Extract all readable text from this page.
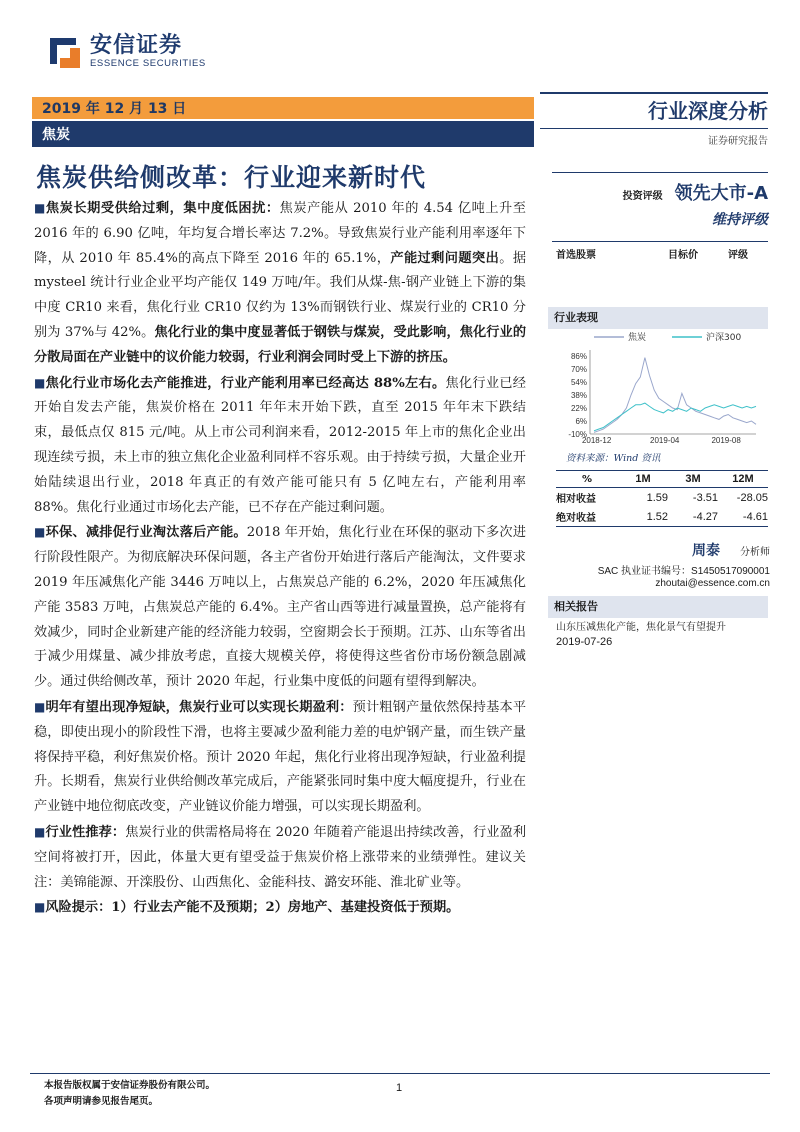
安信证券
ESSENCE SECURITIES
2019 年 12 月 13 日
焦炭
行业深度分析
证券研究报告
焦炭供给侧改革：行业迎来新时代

■焦炭长期受供给过剩，集中度低困扰：焦炭产能从 2010 年的 4.54 亿吨上升至 2016 年的 6.90 亿吨，年均复合增长率达 7.2%。导致焦炭行业产能利用率逐年下降，从 2010 年 85.4%的高点下降至 2016 年的 65.1%，产能过剩问题突出。据 mysteel 统计行业企业平均产能仅 149 万吨/年。我们从煤-焦-钢产业链上下游的集中度 CR10 来看，焦化行业 CR10 仅约为 13%而钢铁行业、煤炭行业的 CR10 分别为 37%与 42%。焦化行业的集中度显著低于钢铁与煤炭，受此影响，焦化行业的分散局面在产业链中的议价能力较弱，行业利润会同时受上下游的挤压。

■焦化行业市场化去产能推进，行业产能利用率已经高达 88%左右。焦化行业已经开始自发去产能，焦炭价格在 2011 年年末开始下跌，直至 2015 年年末下跌结束，最低点仅 815 元/吨。从上市公司利润来看，2012-2015 年上市的焦化企业出现连续亏损，未上市的独立焦化企业盈利同样不容乐观。由于持续亏损，大量企业开始陆续退出行业，2018 年真正的有效产能可能只有 5 亿吨左右，产能利用率 88%。焦化行业通过市场化去产能，已不存在产能过剩问题。

■环保、减排促行业淘汰落后产能。2018 年开始，焦化行业在环保的驱动下多次进行阶段性限产。为彻底解决环保问题，各主产省份开始进行落后产能淘汰，文件要求 2019 年压减焦化产能 3446 万吨以上，占焦炭总产能的 6.2%，2020 年压减焦化产能 3583 万吨，占焦炭总产能的 6.4%。主产省山西等进行减量置换，总产能将有效减少，同时企业新建产能的经济能力较弱，空窗期会长于预期。江苏、山东等省出于减少用煤量、减少排放考虑，直接大规模关停，将使得这些省份市场份额急剧减少。通过供给侧改革，预计 2020 年起，行业集中度低的问题有望得到解决。

■明年有望出现净短缺，焦炭行业可以实现长期盈利：预计粗钢产量依然保持基本平稳，即使出现小的阶段性下滑，也将主要减少盈利能力差的电炉钢产量，而生铁产量将保持平稳，利好焦炭价格。预计 2020 年起，焦化行业将出现净短缺，行业盈利提升。长期看，焦炭行业供给侧改革完成后，产能紧张同时集中度大幅度提升，行业在产业链中地位彻底改变，产业链议价能力增强，可以实现长期盈利。

■行业性推荐：焦炭行业的供需格局将在 2020 年随着产能退出持续改善，行业盈利空间将被打开，因此，体量大更有望受益于焦炭价格上涨带来的业绩弹性。建议关注：美锦能源、开滦股份、山西焦化、金能科技、潞安环能、淮北矿业等。

■风险提示：1）行业去产能不及预期；2）房地产、基建投资低于预期。

投资评级 领先大市-A
维持评级
首选股票	目标价	评级
行业表现
86%
70%
54%
38%
22%
6%
-10%
2018-12	2019-04	2019-08
焦炭	沪深300
资料来源：Wind 资讯
%	1M	3M	12M
相对收益	1.59	-3.51	-28.05
绝对收益	1.52	-4.27	-4.61
周泰 分析师
SAC 执业证书编号：S1450517090001
zhoutai@essence.com.cn
相关报告
山东压减焦化产能，焦化景气有望提升
2019-07-26
本报告版权属于安信证券股份有限公司。
各项声明请参见报告尾页。
1
